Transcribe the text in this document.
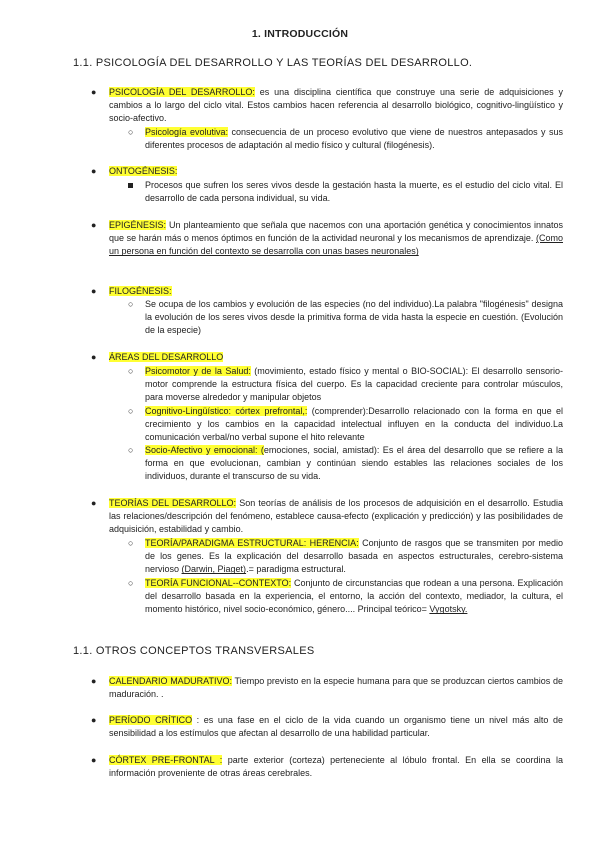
1. INTRODUCCIÓN
1.1. PSICOLOGÍA DEL DESARROLLO Y LAS TEORÍAS DEL DESARROLLO.
● PSICOLOGÍA DEL DESARROLLO: es una disciplina científica que construye una serie de adquisiciones y cambios a lo largo del ciclo vital. Estos cambios hacen referencia al desarrollo biológico, cognitivo-lingüístico y socio-afectivo.
○ Psicología evolutiva: consecuencia de un proceso evolutivo que viene de nuestros antepasados y sus diferentes procesos de adaptación al medio físico y cultural (filogénesis).
● ONTOGÉNESIS:
Procesos que sufren los seres vivos desde la gestación hasta la muerte, es el estudio del ciclo vital. El desarrollo de cada persona individual, su vida.
● EPIGÉNESIS: Un planteamiento que señala que nacemos con una aportación genética y conocimientos innatos que se harán más o menos óptimos en función de la actividad neuronal y los mecanismos de aprendizaje. (Como un persona en función del contexto se desarrolla con unas bases neuronales)
● FILOGÉNESIS:
○ Se ocupa de los cambios y evolución de las especies (no del individuo).La palabra "filogénesis" designa la evolución de los seres vivos desde la primitiva forma de vida hasta la especie en cuestión. (Evolución de la especie)
● ÁREAS DEL DESARROLLO
○ Psicomotor y de la Salud: (movimiento, estado físico y mental o BIO-SOCIAL): El desarrollo sensorio- motor comprende la estructura física del cuerpo. Es la capacidad creciente para controlar músculos, para moverse alrededor y manipular objetos
○ Cognitivo-Lingüístico: córtex prefrontal,: (comprender):Desarrollo relacionado con la forma en que el crecimiento y los cambios en la capacidad intelectual influyen en la conducta del individuo.La comunicación verbal/no verbal supone el hito relevante
○ Socio-Afectivo y emocional: (emociones, social, amistad): Es el área del desarrollo que se refiere a la forma en que evolucionan, cambian y continúan siendo estables las relaciones sociales de los individuos, durante el transcurso de su vida.
● TEORÍAS DEL DESARROLLO: Son teorías de análisis de los procesos de adquisición en el desarrollo. Estudia las relaciones/descripción del fenómeno, establece causa-efecto (explicación y predicción) y las posibilidades de adquisición, estabilidad y cambio.
○ TEORÍA/PARADIGMA ESTRUCTURAL: HERENCIA: Conjunto de rasgos que se transmiten por medio de los genes. Es la explicación del desarrollo basada en aspectos estructurales, cerebro-sistema nervioso (Darwin, Piaget).= paradigma estructural.
○ TEORÍA FUNCIONAL--CONTEXTO: Conjunto de circunstancias que rodean a una persona. Explicación del desarrollo basada en la experiencia, el entorno, la acción del contexto, mediador, la cultura, el momento histórico, nivel socio-económico, género.... Principal teórico= Vygotsky.
1.1. OTROS CONCEPTOS TRANSVERSALES
● CALENDARIO MADURATIVO: Tiempo previsto en la especie humana para que se produzcan ciertos cambios de maduración. .
● PERÍODO CRÍTICO : es una fase en el ciclo de la vida cuando un organismo tiene un nivel más alto de sensibilidad a los estímulos que afectan al desarrollo de una habilidad particular.
● CÓRTEX PRE-FRONTAL : parte exterior (corteza) perteneciente al lóbulo frontal. En ella se coordina la información proveniente de otras áreas cerebrales.
